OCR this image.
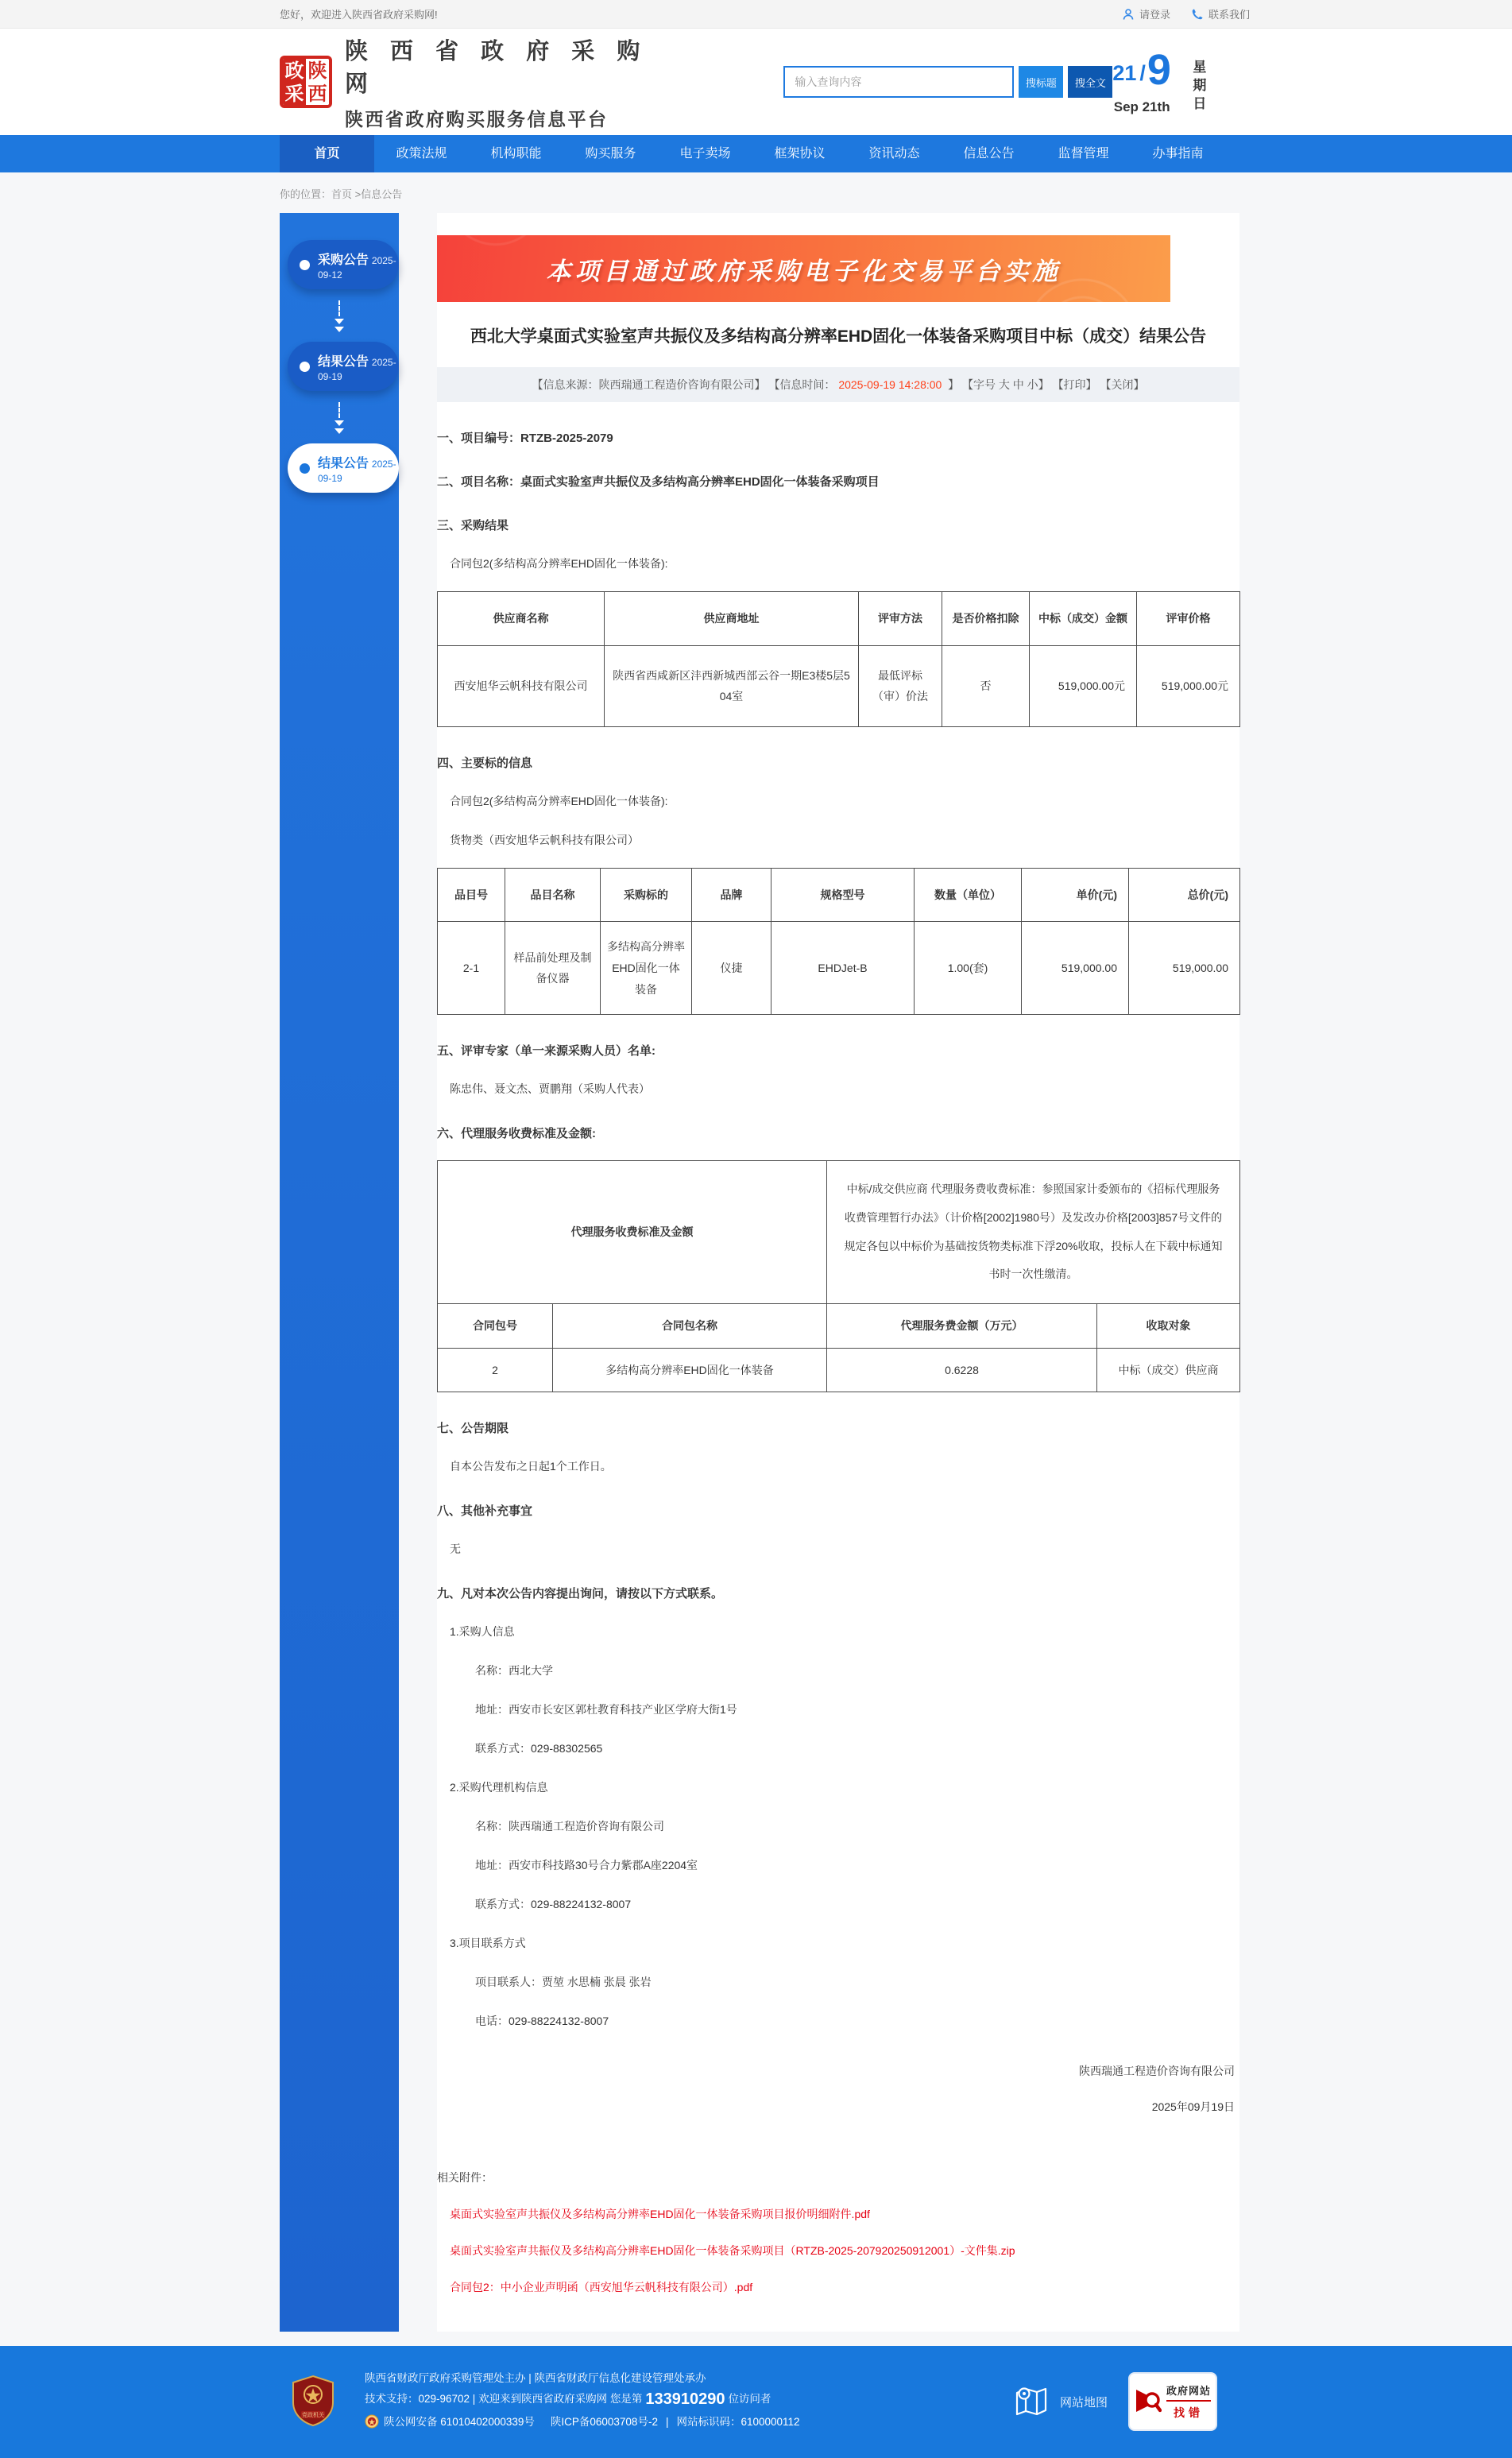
您好，欢迎进入陕西省政府采购网!	请登录	联系我们
政
采
陕
西
陕 西 省 政 府 采 购 网
陕西省政府购买服务信息平台
输入查询内容
搜标题	搜全文 21 / 9
Sep 21th 星期日
首页	政策法规	机构职能	购买服务	电子卖场	框架协议	资讯动态	信息公告	监督管理	办事指南
你的位置：首页 >信息公告
采购公告 2025-09-12
结果公告 2025-09-19
结果公告 2025-09-19
本项目通过政府采购电子化交易平台实施
西北大学桌面式实验室声共振仪及多结构高分辨率EHD固化一体装备采购项目中标（成交）结果公告
【信息来源：陕西瑞通工程造价咨询有限公司】 【信息时间： 2025-09-19 14:28:00 】 【字号 大 中 小】 【打印】 【关闭】
一、项目编号：RTZB-2025-2079
二、项目名称：桌面式实验室声共振仪及多结构高分辨率EHD固化一体装备采购项目
三、采购结果
合同包2(多结构高分辨率EHD固化一体装备):
供应商名称	供应商地址	评审方法	是否价格扣除	中标（成交）金额	评审价格
西安旭华云帆科技有限公司	陕西省西咸新区沣西新城西部云谷一期E3楼5层504室	最低评标（审）价法	否	519,000.00元	519,000.00元
四、主要标的信息
合同包2(多结构高分辨率EHD固化一体装备):
货物类（西安旭华云帆科技有限公司）
品目号	品目名称	采购标的	品牌	规格型号	数量（单位）	单价(元)	总价(元)
2-1	样品前处理及制备仪器	多结构高分辨率EHD固化一体装备	仪捷	EHDJet-B	1.00(套)	519,000.00	519,000.00
五、评审专家（单一来源采购人员）名单:
陈忠伟、聂文杰、贾鹏翔（采购人代表）
六、代理服务收费标准及金额:
代理服务收费标准及金额		中标/成交供应商 代理服务费收费标准：参照国家计委颁布的《招标代理服务收费管理暂行办法》（计价格[2002]1980号）及发改办价格[2003]857号文件的规定各包以中标价为基础按货物类标准下浮20%收取，投标人在下载中标通知书时一次性缴清。	
合同包号	合同包名称	代理服务费金额（万元）	收取对象
2	多结构高分辨率EHD固化一体装备	0.6228	中标（成交）供应商
七、公告期限
自本公告发布之日起1个工作日。
八、其他补充事宜
无
九、凡对本次公告内容提出询问，请按以下方式联系。
1.采购人信息
名称：西北大学
地址：西安市长安区郭杜教育科技产业区学府大街1号
联系方式：029-88302565
2.采购代理机构信息
名称：陕西瑞通工程造价咨询有限公司
地址：西安市科技路30号合力紫郡A座2204室
联系方式：029-88224132-8007
3.项目联系方式
项目联系人：贾堃 水思楠 张晨 张岩
电话：029-88224132-8007
陕西瑞通工程造价咨询有限公司
2025年09月19日
相关附件：
桌面式实验室声共振仪及多结构高分辨率EHD固化一体装备采购项目报价明细附件.pdf
桌面式实验室声共振仪及多结构高分辨率EHD固化一体装备采购项目（RTZB-2025-207920250912001）-文件集.zip
合同包2：中小企业声明函（西安旭华云帆科技有限公司）.pdf
党政机关
陕西省财政厅政府采购管理处主办 | 陕西省财政厅信息化建设管理处承办
技术支持：029-96702 | 欢迎来到陕西省政府采购网 您是第 133910290 位访问者
陕公网安备 61010402000339号 陕ICP备06003708号-2 | 网站标识码：6100000112
网站地图
政府网站
找错
